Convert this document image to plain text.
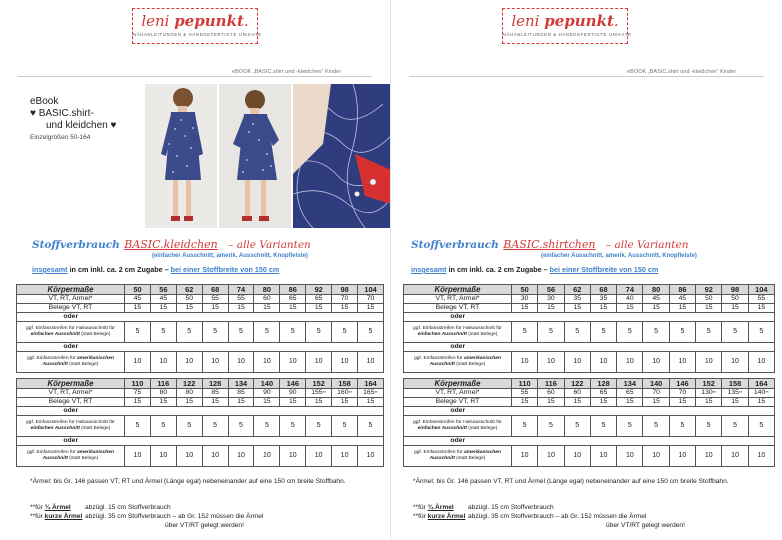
leni pepunkt.
NÄHANLEITUNGEN & HANDGEFERTIGTE UNIKATE
eBOOK „BASIC.shirt und -kleidchen“ Kinder
eBook
♥ BASIC.shirt-
und kleidchen ♥
Einzelgrößen 50-164
Stoffverbrauch BASIC.kleidchen – alle Varianten
(einfacher Ausschnitt, amerik. Ausschnitt, Knopfleiste)
insgesamt in cm inkl. ca. 2 cm Zugabe – bei einer Stoffbreite von 150 cm
Körpermaße	50	56	62	68	74	80	86	92	98	104
VT, RT, Ärmel*	45	45	50	55	55	60	65	65	70	70
Belege VT, RT	15	15	15	15	15	15	15	15	15	15
oder										
ggf. Einfassstreifen für Halsausschnitt für einfachen Ausschnitt (statt Belege)	5	5	5	5	5	5	5	5	5	5
oder										
ggf. Einfassstreifen für amerikanischen Ausschnitt (statt Belege)	10	10	10	10	10	10	10	10	10	10
Körpermaße	110	116	122	128	134	140	146	152	158	164
VT, RT, Ärmel*	75	80	80	85	85	90	90	155**	160**	165**
Belege VT, RT	15	15	15	15	15	15	15	15	15	15
oder										
ggf. Einfassstreifen für Halsausschnitt für einfachen Ausschnitt (statt Belege)	5	5	5	5	5	5	5	5	5	5
oder										
ggf. Einfassstreifen für amerikanischen Ausschnitt (statt Belege)	10	10	10	10	10	10	10	10	10	10
*Ärmel: bis Gr. 146 passen VT, RT und Ärmel (Länge egal) nebeneinander auf eine 150 cm breite Stoffbahn.
**für ¾ Ärmel abzügl. 15 cm Stoffverbrauch
**für kurze Ärmel abzügl. 35 cm Stoffverbrauch – ab Gr. 152 müssen die Ärmel
über VT/RT gelegt werden!
leni pepunkt.
NÄHANLEITUNGEN & HANDGEFERTIGTE UNIKATE
eBOOK „BASIC.shirt und -kleidchen“ Kinder
Stoffverbrauch BASIC.shirtchen – alle Varianten
(einfacher Ausschnitt, amerik. Ausschnitt, Knopfleiste)
insgesamt in cm inkl. ca. 2 cm Zugabe – bei einer Stoffbreite von 150 cm
Körpermaße	50	56	62	68	74	80	86	92	98	104
VT, RT, Ärmel*	30	30	35	35	40	45	45	50	50	55
Belege VT, RT	15	15	15	15	15	15	15	15	15	15
oder										
ggf. Einfassstreifen für Halsausschnitt für einfachen Ausschnitt (statt Belege)	5	5	5	5	5	5	5	5	5	5
oder										
ggf. Einfassstreifen für amerikanischen Ausschnitt (statt Belege)	10	10	10	10	10	10	10	10	10	10
Körpermaße	110	116	122	128	134	140	146	152	158	164
VT, RT, Ärmel*	55	60	60	65	65	70	70	130**	135**	140**
Belege VT, RT	15	15	15	15	15	15	15	15	15	15
oder										
ggf. Einfassstreifen für Halsausschnitt für einfachen Ausschnitt (statt Belege)	5	5	5	5	5	5	5	5	5	5
oder										
ggf. Einfassstreifen für amerikanischen Ausschnitt (statt Belege)	10	10	10	10	10	10	10	10	10	10
*Ärmel: bis Gr. 146 passen VT, RT und Ärmel (Länge egal) nebeneinander auf eine 150 cm breite Stoffbahn.
**für ¾ Ärmel abzügl. 15 cm Stoffverbrauch
**für kurze Ärmel abzügl. 35 cm Stoffverbrauch – ab Gr. 152 müssen die Ärmel
über VT/RT gelegt werden!
